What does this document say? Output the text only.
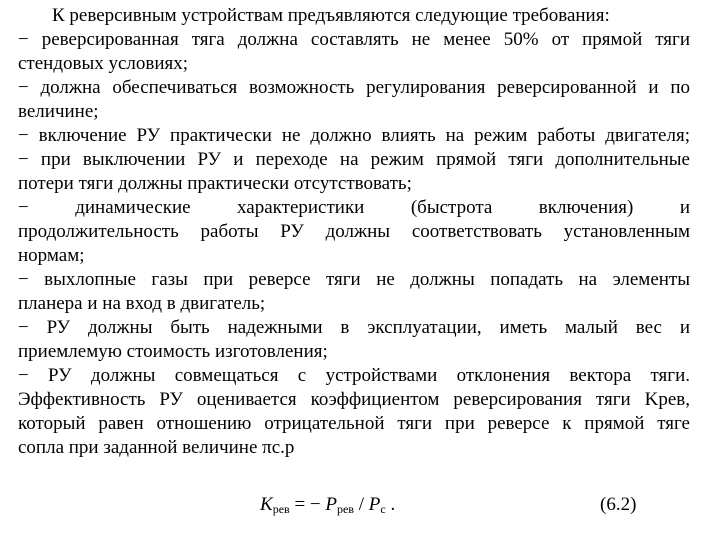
К реверсивным устройствам предъявляются следующие требования:
− реверсированная тяга должна составлять не менее 50% от прямой тяги
стендовых условиях;
− должна обеспечиваться возможность регулирования реверсированной и по
величине;
− включение РУ практически не должно влиять на режим работы двигателя;
− при выключении РУ и переходе на режим прямой тяги дополнительные
потери тяги должны практически отсутствовать;
− динамические характеристики (быстрота включения) и
продолжительность работы РУ должны соответствовать установленным
нормам;
− выхлопные газы при реверсе тяги не должны попадать на элементы
планера и на вход в двигатель;
− РУ должны быть надежными в эксплуатации, иметь малый вес и
приемлемую стоимость изготовления;
− РУ должны совмещаться с устройствами отклонения вектора тяги.
Эффективность РУ оценивается коэффициентом реверсирования тяги Kрев,
который равен отношению отрицательной тяги при реверсе к прямой тяге
сопла при заданной величине πс.р
$K_{рев}$ = − $P_{рев} / P_с$ .	(6.2)
